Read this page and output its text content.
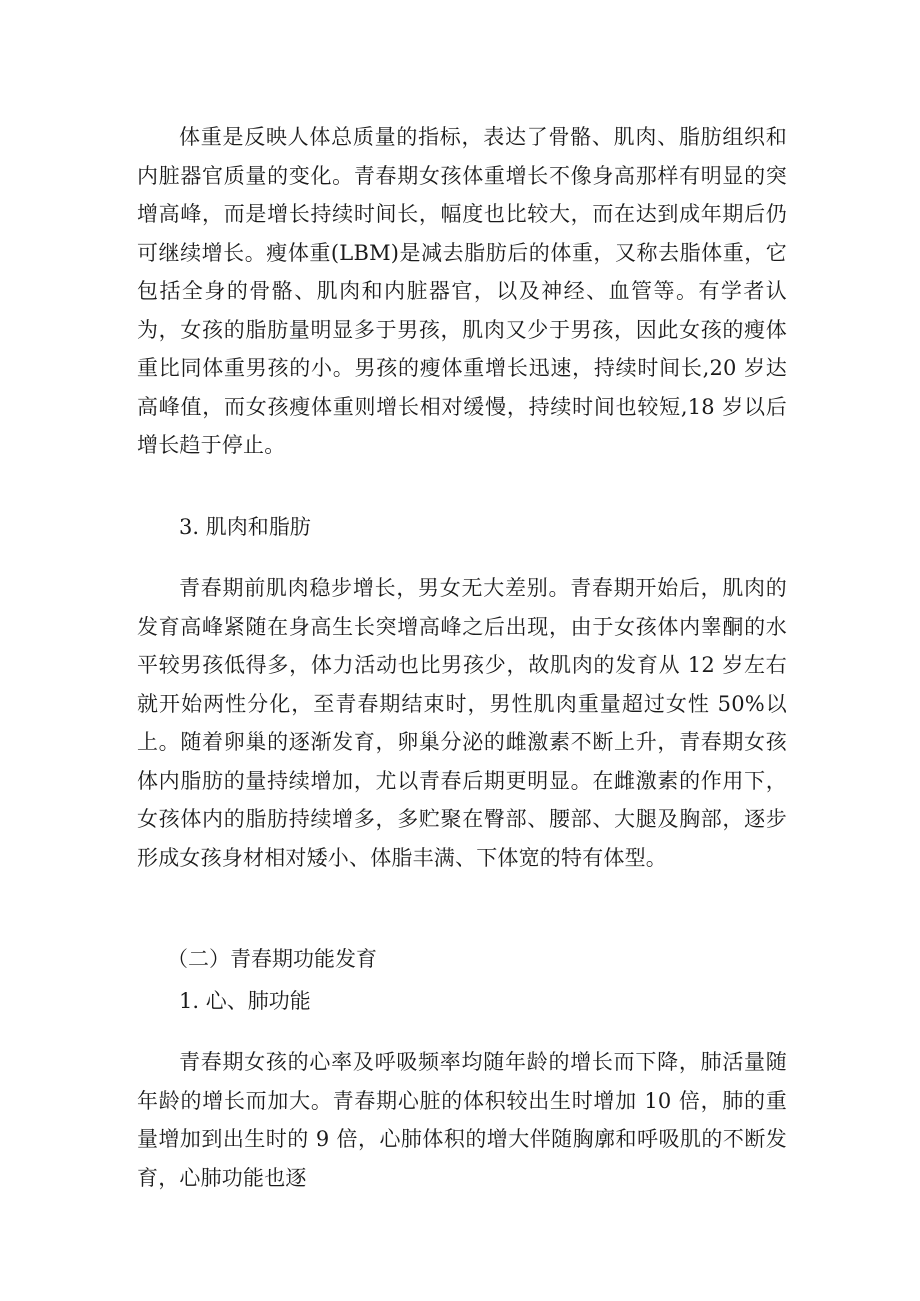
体重是反映人体总质量的指标，表达了骨骼、肌肉、脂肪组织和内脏器官质量的变化。青春期女孩体重增长不像身高那样有明显的突增高峰，而是增长持续时间长，幅度也比较大，而在达到成年期后仍可继续增长。瘦体重(LBM)是减去脂肪后的体重，又称去脂体重，它包括全身的骨骼、肌肉和内脏器官，以及神经、血管等。有学者认为，女孩的脂肪量明显多于男孩，肌肉又少于男孩，因此女孩的瘦体重比同体重男孩的小。男孩的瘦体重增长迅速，持续时间长,20 岁达高峰值，而女孩瘦体重则增长相对缓慢，持续时间也较短,18 岁以后增长趋于停止。

3. 肌肉和脂肪

青春期前肌肉稳步增长，男女无大差别。青春期开始后，肌肉的发育高峰紧随在身高生长突增高峰之后出现，由于女孩体内睾酮的水平较男孩低得多，体力活动也比男孩少，故肌肉的发育从 12 岁左右就开始两性分化，至青春期结束时，男性肌肉重量超过女性 50%以上。随着卵巢的逐渐发育，卵巢分泌的雌激素不断上升，青春期女孩体内脂肪的量持续增加，尤以青春后期更明显。在雌激素的作用下，女孩体内的脂肪持续增多，多贮聚在臀部、腰部、大腿及胸部，逐步形成女孩身材相对矮小、体脂丰满、下体宽的特有体型。

（二）青春期功能发育

1. 心、肺功能

青春期女孩的心率及呼吸频率均随年龄的增长而下降，肺活量随年龄的增长而加大。青春期心脏的体积较出生时增加 10 倍，肺的重量增加到出生时的 9 倍，心肺体积的增大伴随胸廓和呼吸肌的不断发育，心肺功能也逐
